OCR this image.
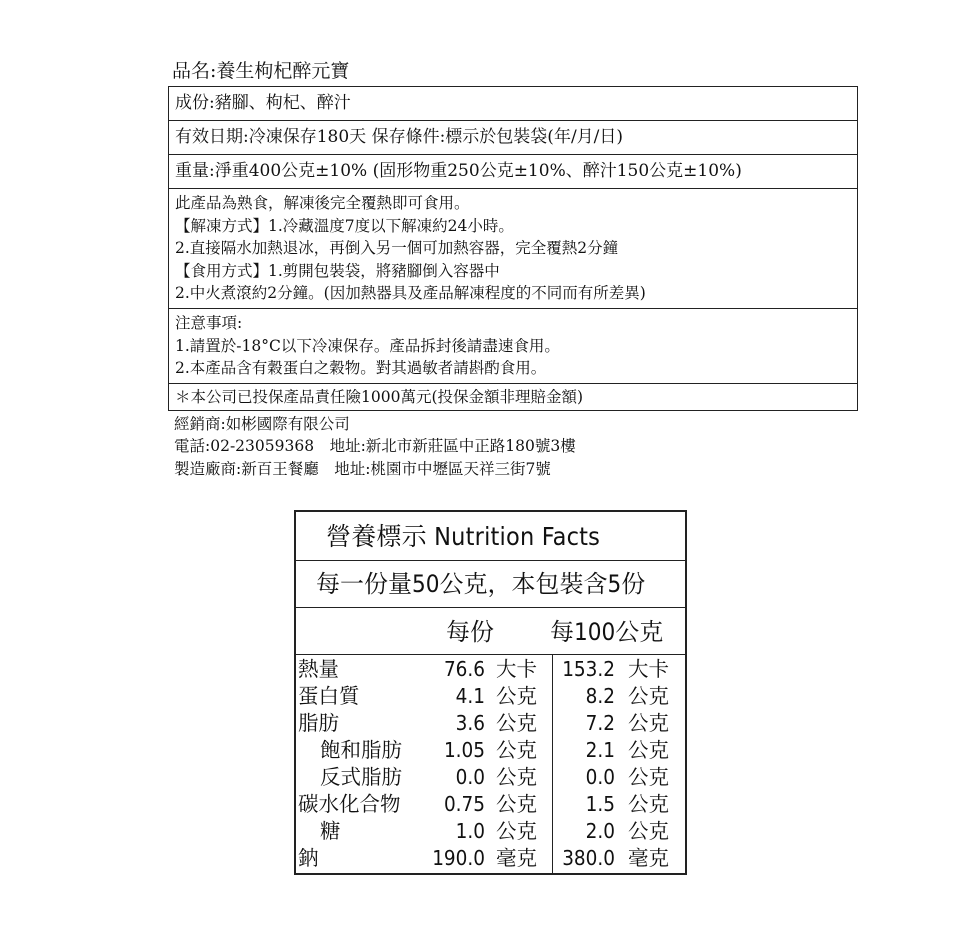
品名:養生枸杞醉元寶
成份:豬腳、枸杞、醉汁
有效日期:冷凍保存180天 保存條件:標示於包裝袋(年/月/日)
重量:淨重400公克±10% (固形物重250公克±10%、醉汁150公克±10%)
此產品為熟食，解凍後完全覆熱即可食用。
【解凍方式】1.冷藏溫度7度以下解凍約24小時。
2.直接隔水加熱退冰，再倒入另一個可加熱容器，完全覆熱2分鐘
【食用方式】1.剪開包裝袋，將豬腳倒入容器中
2.中火煮滾約2分鐘。(因加熱器具及產品解凍程度的不同而有所差異)
注意事項:
1.請置於-18°C以下冷凍保存。產品拆封後請盡速食用。
2.本產品含有穀蛋白之穀物。對其過敏者請斟酌食用。
＊本公司已投保產品責任險1000萬元(投保金額非理賠金額)
經銷商:如彬國際有限公司
電話:02-23059368　地址:新北市新莊區中正路180號3樓
製造廠商:新百王餐廳　地址:桃園市中壢區天祥三街7號
營養標示 Nutrition Facts
每一份量50公克，本包裝含5份
每份 每100公克
熱量	76.6 大卡 153.2 大卡
蛋白質	4.1 公克 8.2 公克
脂肪	3.6 公克 7.2 公克
飽和脂肪 1.05 公克 2.1 公克
反式脂肪	0.0 公克 0.0 公克
碳水化合物 0.75 公克 1.5 公克
糖	1.0 公克 2.0 公克
鈉	190.0 毫克 380.0 毫克
